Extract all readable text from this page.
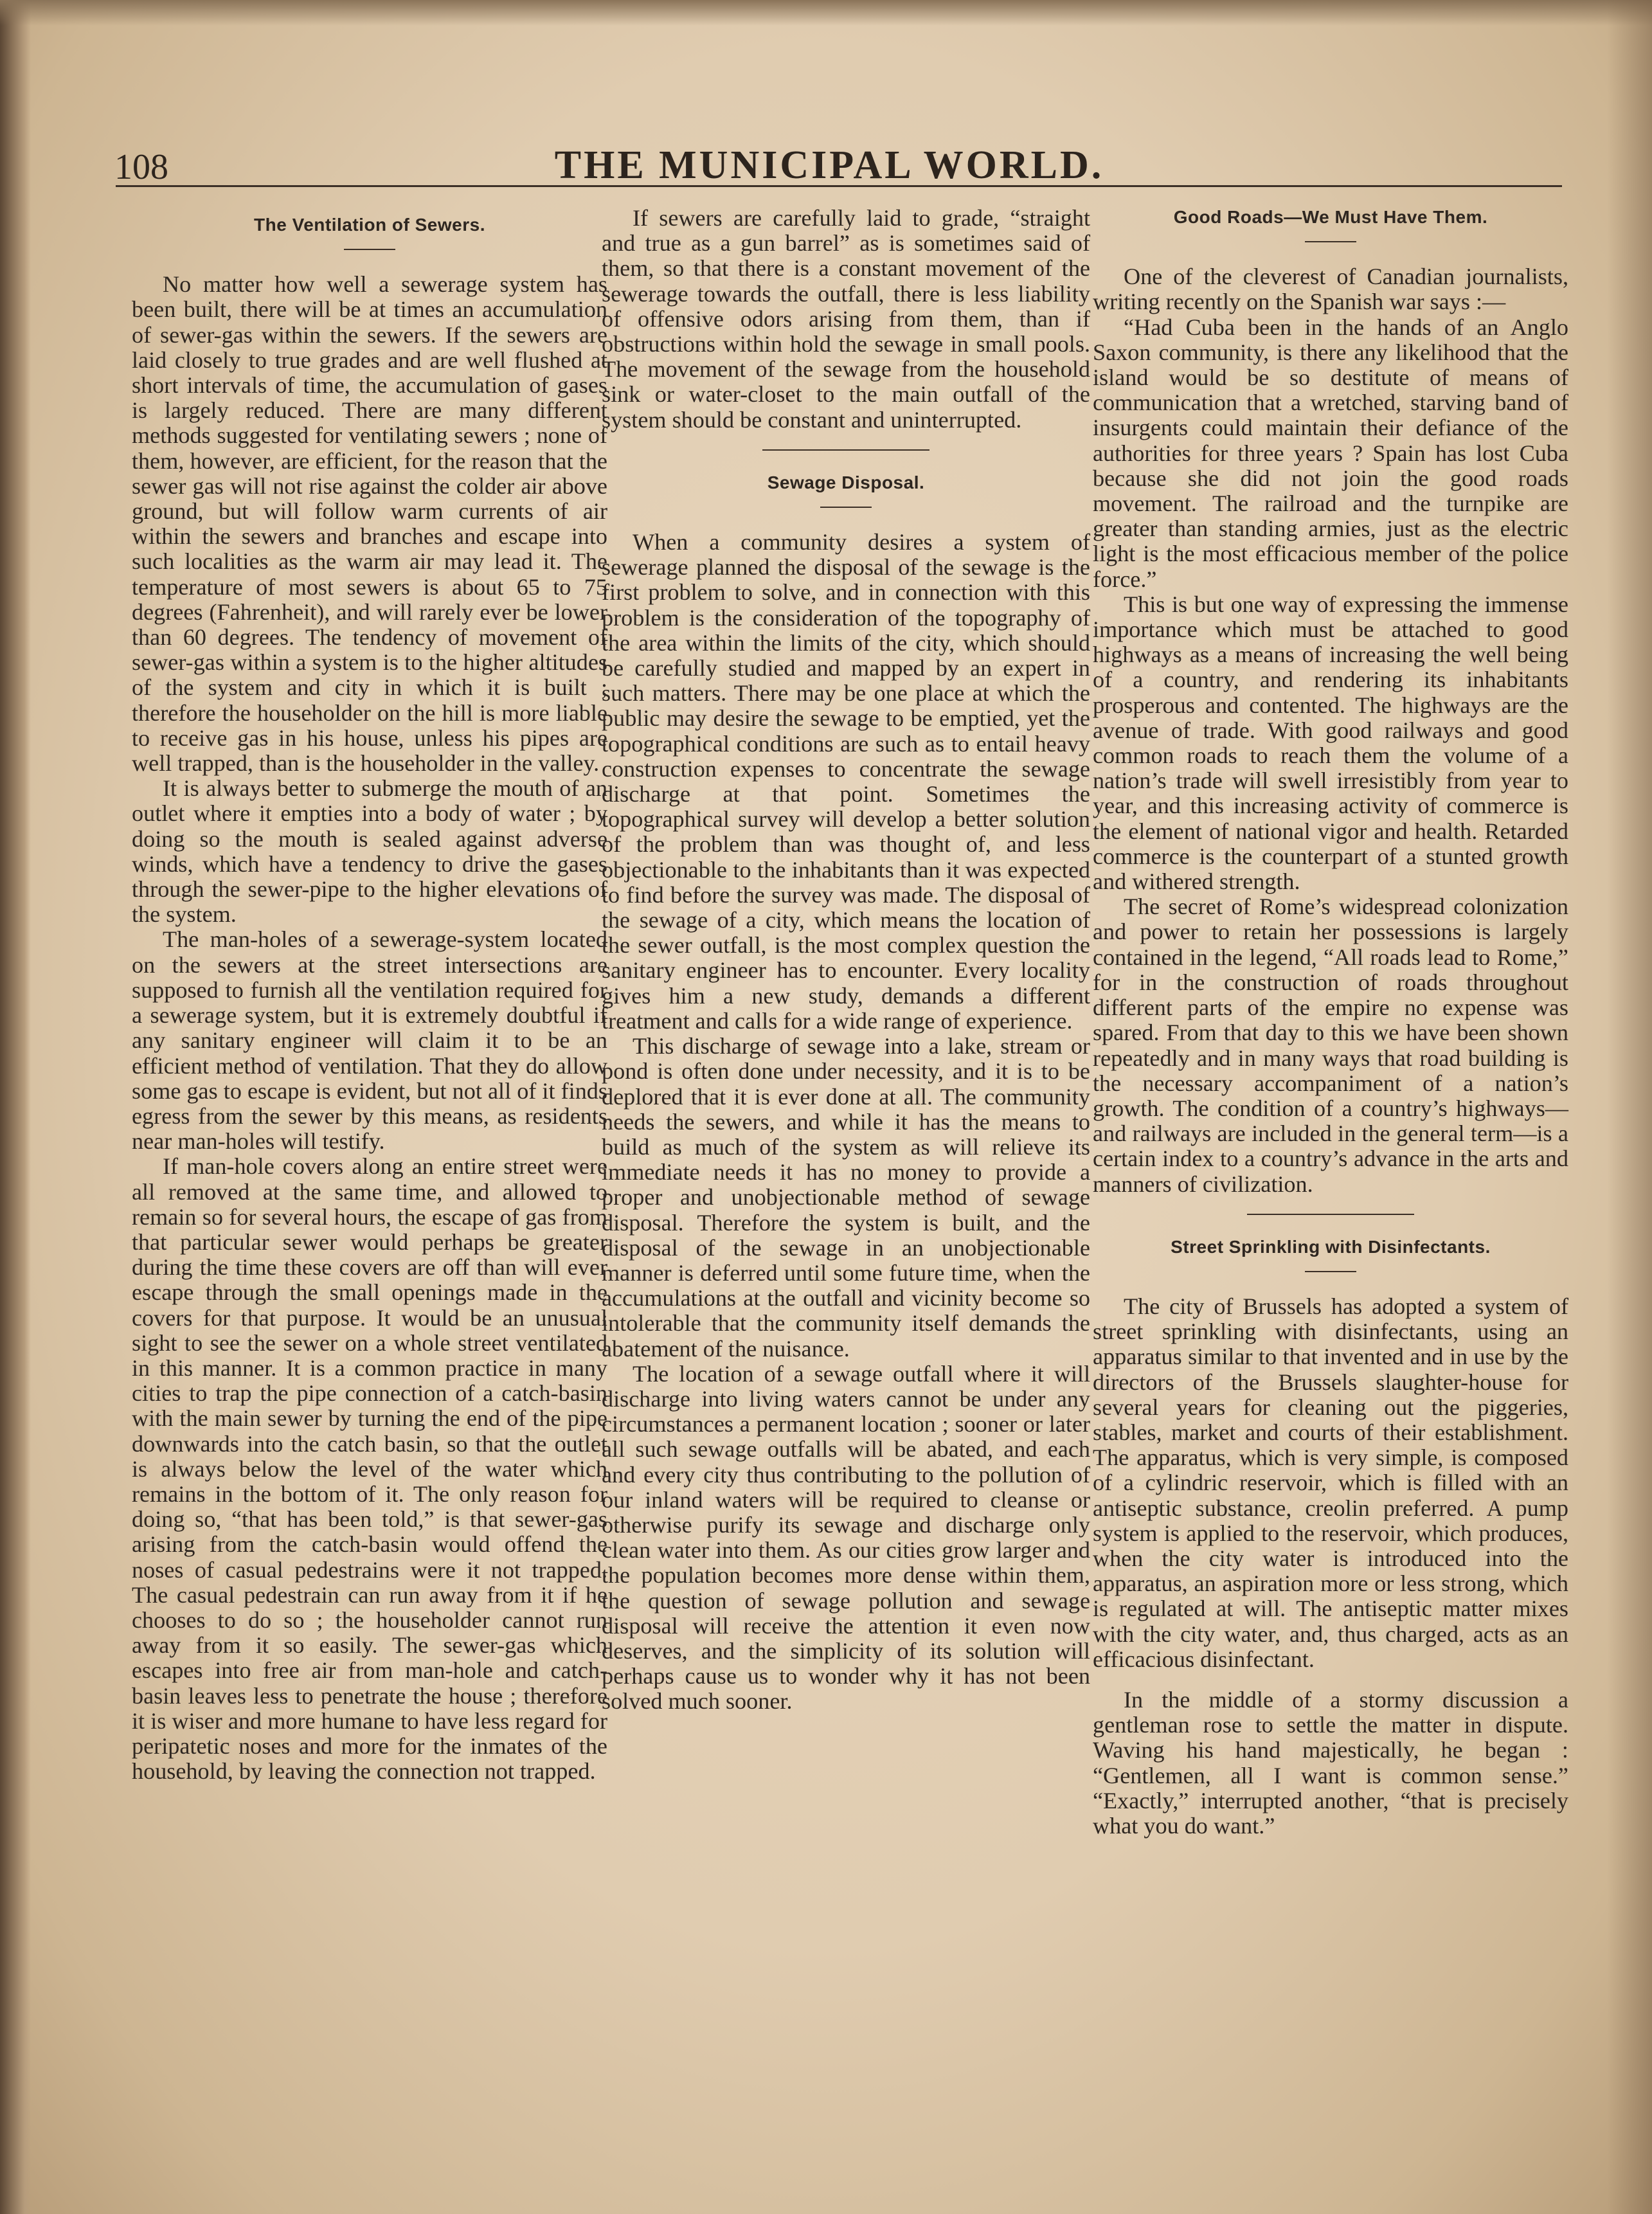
108	THE MUNICIPAL WORLD.
The Ventilation of Sewers.

No matter how well a sewerage system has been built, there will be at times an accumulation of sewer-gas within the sewers. If the sewers are laid closely to true grades and are well flushed at short intervals of time, the accumulation of gases is largely reduced. There are many different methods suggested for ventilating sewers ; none of them, however, are efficient, for the reason that the sewer gas will not rise against the colder air above ground, but will follow warm currents of air within the sewers and branches and escape into such localities as the warm air may lead it. The temperature of most sewers is about 65 to 75 degrees (Fahrenheit), and will rarely ever be lower than 60 degrees. The tendency of movement of sewer-gas within a system is to the higher altitudes of the system and city in which it is built ; therefore the householder on the hill is more liable to receive gas in his house, unless his pipes are well trapped, than is the householder in the valley.

It is always better to submerge the mouth of an outlet where it empties into a body of water ; by doing so the mouth is sealed against adverse winds, which have a tendency to drive the gases through the sewer-pipe to the higher elevations of the system.

The man-holes of a sewerage-system located on the sewers at the street intersections are supposed to furnish all the ventilation required for a sewerage system, but it is extremely doubtful if any sanitary engineer will claim it to be an efficient method of ventilation. That they do allow some gas to escape is evident, but not all of it finds egress from the sewer by this means, as residents near man-holes will testify.

If man-hole covers along an entire street were all removed at the same time, and allowed to remain so for several hours, the escape of gas from that particular sewer would perhaps be greater during the time these covers are off than will ever escape through the small openings made in the covers for that purpose. It would be an unusual sight to see the sewer on a whole street ventilated in this manner. It is a common practice in many cities to trap the pipe connection of a catch-basin with the main sewer by turning the end of the pipe downwards into the catch basin, so that the outlet is always below the level of the water which remains in the bottom of it. The only reason for doing so, “that has been told,” is that sewer-gas arising from the catch-basin would offend the noses of casual pedestrains were it not trapped. The casual pedestrain can run away from it if he chooses to do so ; the householder cannot run away from it so easily. The sewer-gas which escapes into free air from man-hole and catch-basin leaves less to penetrate the house ; therefore it is wiser and more humane to have less regard for peripatetic noses and more for the inmates of the household, by leaving the connection not trapped.

If sewers are carefully laid to grade, “straight and true as a gun barrel” as is sometimes said of them, so that there is a constant movement of the sewerage towards the outfall, there is less liability of offensive odors arising from them, than if obstructions within hold the sewage in small pools. The movement of the sewage from the household sink or water-closet to the main outfall of the system should be constant and uninterrupted.

Sewage Disposal.

When a community desires a system of sewerage planned the disposal of the sewage is the first problem to solve, and in connection with this problem is the consideration of the topography of the area within the limits of the city, which should be carefully studied and mapped by an expert in such matters. There may be one place at which the public may desire the sewage to be emptied, yet the topographical conditions are such as to entail heavy construction expenses to concentrate the sewage discharge at that point. Sometimes the topographical survey will develop a better solution of the problem than was thought of, and less objectionable to the inhabitants than it was expected to find before the survey was made. The disposal of the sewage of a city, which means the location of the sewer outfall, is the most complex question the sanitary engineer has to encounter. Every locality gives him a new study, demands a different treatment and calls for a wide range of experience.

This discharge of sewage into a lake, stream or pond is often done under necessity, and it is to be deplored that it is ever done at all. The community needs the sewers, and while it has the means to build as much of the system as will relieve its immediate needs it has no money to provide a proper and unobjectionable method of sewage disposal. Therefore the system is built, and the disposal of the sewage in an unobjectionable manner is deferred until some future time, when the accumulations at the outfall and vicinity become so intolerable that the community itself demands the abatement of the nuisance.

The location of a sewage outfall where it will discharge into living waters cannot be under any circumstances a permanent location ; sooner or later all such sewage outfalls will be abated, and each and every city thus contributing to the pollution of our inland waters will be required to cleanse or otherwise purify its sewage and discharge only clean water into them. As our cities grow larger and the population becomes more dense within them, the question of sewage pollution and sewage disposal will receive the attention it even now deserves, and the simplicity of its solution will perhaps cause us to wonder why it has not been solved much sooner.

Good Roads—We Must Have Them.

One of the cleverest of Canadian journalists, writing recently on the Spanish war says :—

“Had Cuba been in the hands of an Anglo Saxon community, is there any likelihood that the island would be so destitute of means of communication that a wretched, starving band of insurgents could maintain their defiance of the authorities for three years ? Spain has lost Cuba because she did not join the good roads movement. The railroad and the turnpike are greater than standing armies, just as the electric light is the most efficacious member of the police force.”

This is but one way of expressing the immense importance which must be attached to good highways as a means of increasing the well being of a country, and rendering its inhabitants prosperous and contented. The highways are the avenue of trade. With good railways and good common roads to reach them the volume of a nation’s trade will swell irresistibly from year to year, and this increasing activity of commerce is the element of national vigor and health. Retarded commerce is the counterpart of a stunted growth and withered strength.

The secret of Rome’s widespread colonization and power to retain her possessions is largely contained in the legend, “All roads lead to Rome,” for in the construction of roads throughout different parts of the empire no expense was spared. From that day to this we have been shown repeatedly and in many ways that road building is the necessary accompaniment of a nation’s growth. The condition of a country’s highways—and railways are included in the general term—is a certain index to a country’s advance in the arts and manners of civilization.

Street Sprinkling with Disinfectants.

The city of Brussels has adopted a system of street sprinkling with disinfectants, using an apparatus similar to that invented and in use by the directors of the Brussels slaughter-house for several years for cleaning out the piggeries, stables, market and courts of their establishment. The apparatus, which is very simple, is composed of a cylindric reservoir, which is filled with an antiseptic substance, creolin preferred. A pump system is applied to the reservoir, which produces, when the city water is introduced into the apparatus, an aspiration more or less strong, which is regulated at will. The antiseptic matter mixes with the city water, and, thus charged, acts as an efficacious disinfectant.

In the middle of a stormy discussion a gentleman rose to settle the matter in dispute. Waving his hand majestically, he began : “Gentlemen, all I want is common sense.” “Exactly,” interrupted another, “that is precisely what you do want.”
